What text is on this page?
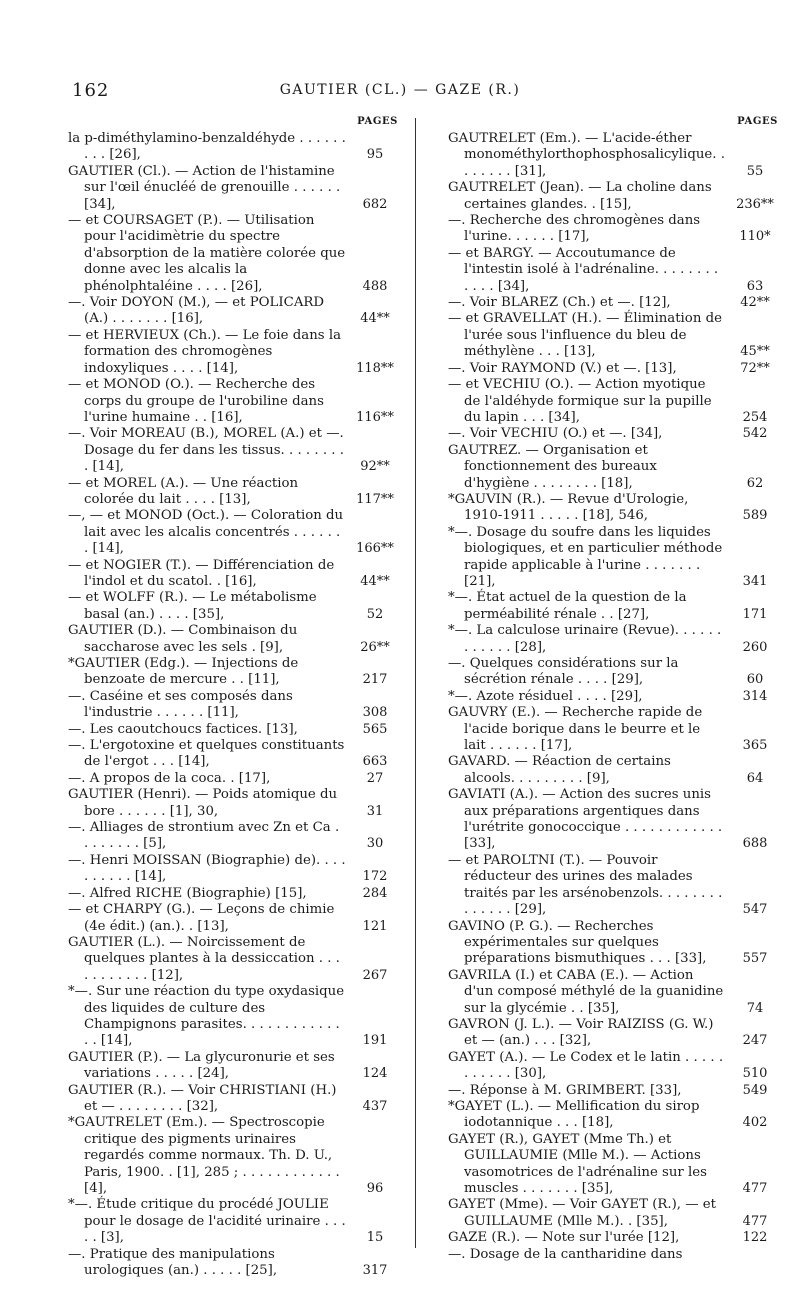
162	GAUTIER (CL.) — GAZE (R.)
PAGES
la p-diméthylamino-benzaldéhyde . . . . . . . . . [26],	95
GAUTIER (Cl.). — Action de l'histamine sur l'œil énucléé de grenouille . . . . . . [34],	682
— et COURSAGET (P.). — Utilisation pour l'acidimètrie du spectre d'absorption de la matière colorée que donne avec les alcalis la phénolphtaléine . . . . [26],	488
—. Voir DOYON (M.), — et POLICARD (A.) . . . . . . . [16],	44**
— et HERVIEUX (Ch.). — Le foie dans la formation des chromogènes indoxyliques . . . . [14],	118**
— et MONOD (O.). — Recherche des corps du groupe de l'urobiline dans l'urine humaine . . [16],	116**
—. Voir MOREAU (B.), MOREL (A.) et —. Dosage du fer dans les tissus. . . . . . . . . [14],	92**
— et MOREL (A.). — Une réaction colorée du lait . . . . [13],	117**
—, — et MONOD (Oct.). — Coloration du lait avec les alcalis concentrés . . . . . . . [14],	166**
— et NOGIER (T.). — Différenciation de l'indol et du scatol. . [16],	44**
— et WOLFF (R.). — Le métabolisme basal (an.) . . . . [35],	52
GAUTIER (D.). — Combinaison du saccharose avec les sels . [9],	26**
*GAUTIER (Edg.). — Injections de benzoate de mercure . . [11],	217
—. Caséine et ses composés dans l'industrie . . . . . . [11],	308
—. Les caoutchoucs factices. [13],	565
—. L'ergotoxine et quelques constituants de l'ergot . . . [14],	663
—. A propos de la coca. . [17],	27
GAUTIER (Henri). — Poids atomique du bore . . . . . . [1], 30,	31
—. Alliages de strontium avec Zn et Ca . . . . . . . . [5],	30
—. Henri MOISSAN (Biographie) de). . . . . . . . . . [14],	172
—. Alfred RICHE (Biographie) [15],	284
— et CHARPY (G.). — Leçons de chimie (4e édit.) (an.). . [13],	121
GAUTIER (L.). — Noircissement de quelques plantes à la dessiccation . . . . . . . . . . . [12],	267
*—. Sur une réaction du type oxydasique des liquides de culture des Champignons parasites. . . . . . . . . . . . . . [14],	191
GAUTIER (P.). — La glycuronurie et ses variations . . . . . [24],	124
GAUTIER (R.). — Voir CHRISTIANI (H.) et — . . . . . . . . [32],	437
*GAUTRELET (Em.). — Spectroscopie critique des pigments urinaires regardés comme normaux. Th. D. U., Paris, 1900. . [1], 285 ; . . . . . . . . . . . . [4],	96
*—. Étude critique du procédé JOULIE pour le dosage de l'acidité urinaire . . . . . [3],	15
—. Pratique des manipulations urologiques (an.) . . . . . [25],	317
PAGES
GAUTRELET (Em.). — L'acide-éther monométhylorthophosphosalicylique. . . . . . . . [31],	55
GAUTRELET (Jean). — La choline dans certaines glandes. . [15],	236**
—. Recherche des chromogènes dans l'urine. . . . . . [17],	110*
— et BARGY. — Accoutumance de l'intestin isolé à l'adrénaline. . . . . . . . . . . . [34],	63
—. Voir BLAREZ (Ch.) et —. [12],	42**
— et GRAVELLAT (H.). — Élimination de l'urée sous l'influence du bleu de méthylène . . . [13],	45**
—. Voir RAYMOND (V.) et —. [13],	72**
— et VECHIU (O.). — Action myotique de l'aldéhyde formique sur la pupille du lapin . . . [34],	254
—. Voir VECHIU (O.) et —. [34],	542
GAUTREZ. — Organisation et fonctionnement des bureaux d'hygiène . . . . . . . . [18],	62
*GAUVIN (R.). — Revue d'Urologie, 1910-1911 . . . . . [18], 546,	589
*—. Dosage du soufre dans les liquides biologiques, et en particulier méthode rapide applicable à l'urine . . . . . . . [21],	341
*—. État actuel de la question de la perméabilité rénale . . [27],	171
*—. La calculose urinaire (Revue). . . . . . . . . . . . [28],	260
—. Quelques considérations sur la sécrétion rénale . . . . [29],	60
*—. Azote résiduel . . . . [29],	314
GAUVRY (E.). — Recherche rapide de l'acide borique dans le beurre et le lait . . . . . . [17],	365
GAVARD. — Réaction de certains alcools. . . . . . . . . [9],	64
GAVIATI (A.). — Action des sucres unis aux préparations argentiques dans l'urétrite gonococcique . . . . . . . . . . . . [33],	688
— et PAROLTNI (T.). — Pouvoir réducteur des urines des malades traités par les arsénobenzols. . . . . . . . . . . . . . [29],	547
GAVINO (P. G.). — Recherches expérimentales sur quelques préparations bismuthiques . . . [33],	557
GAVRILA (I.) et CABA (E.). — Action d'un composé méthylé de la guanidine sur la glycémie . . [35],	74
GAVRON (J. L.). — Voir RAIZISS (G. W.) et — (an.) . . . [32],	247
GAYET (A.). — Le Codex et le latin . . . . . . . . . . . [30],	510
—. Réponse à M. GRIMBERT. [33],	549
*GAYET (L.). — Mellification du sirop iodotannique . . . [18],	402
GAYET (R.), GAYET (Mme Th.) et GUILLAUMIE (Mlle M.). — Actions vasomotrices de l'adrénaline sur les muscles . . . . . . . [35],	477
GAYET (Mme). — Voir GAYET (R.), — et GUILLAUME (Mlle M.). . [35],	477
GAZE (R.). — Note sur l'urée [12],	122
—. Dosage de la cantharidine dans
